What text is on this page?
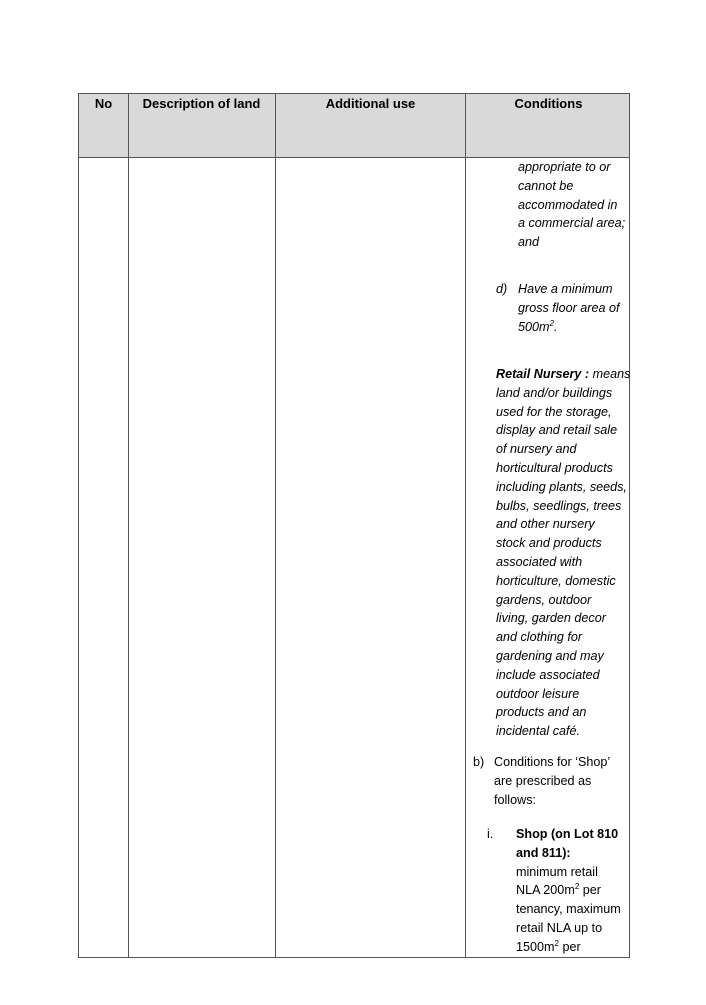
No	Description of land	Additional use	Conditions
appropriate to or
cannot be
accommodated in
a commercial area;
and
d) Have a minimum
gross floor area of
$500m^2$.
Retail Nursery : means
land and/or buildings
used for the storage,
display and retail sale
of nursery and
horticultural products
including plants, seeds,
bulbs, seedlings, trees
and other nursery
stock and products
associated with
horticulture, domestic
gardens, outdoor
living, garden decor
and clothing for
gardening and may
include associated
outdoor leisure
products and an
incidental café.
b) Conditions for ‘Shop’
are prescribed as
follows:
i. Shop (on Lot 810
and 811):
minimum retail
NLA $200m^2$ per
tenancy, maximum
retail NLA up to
$1500m^2$ per
